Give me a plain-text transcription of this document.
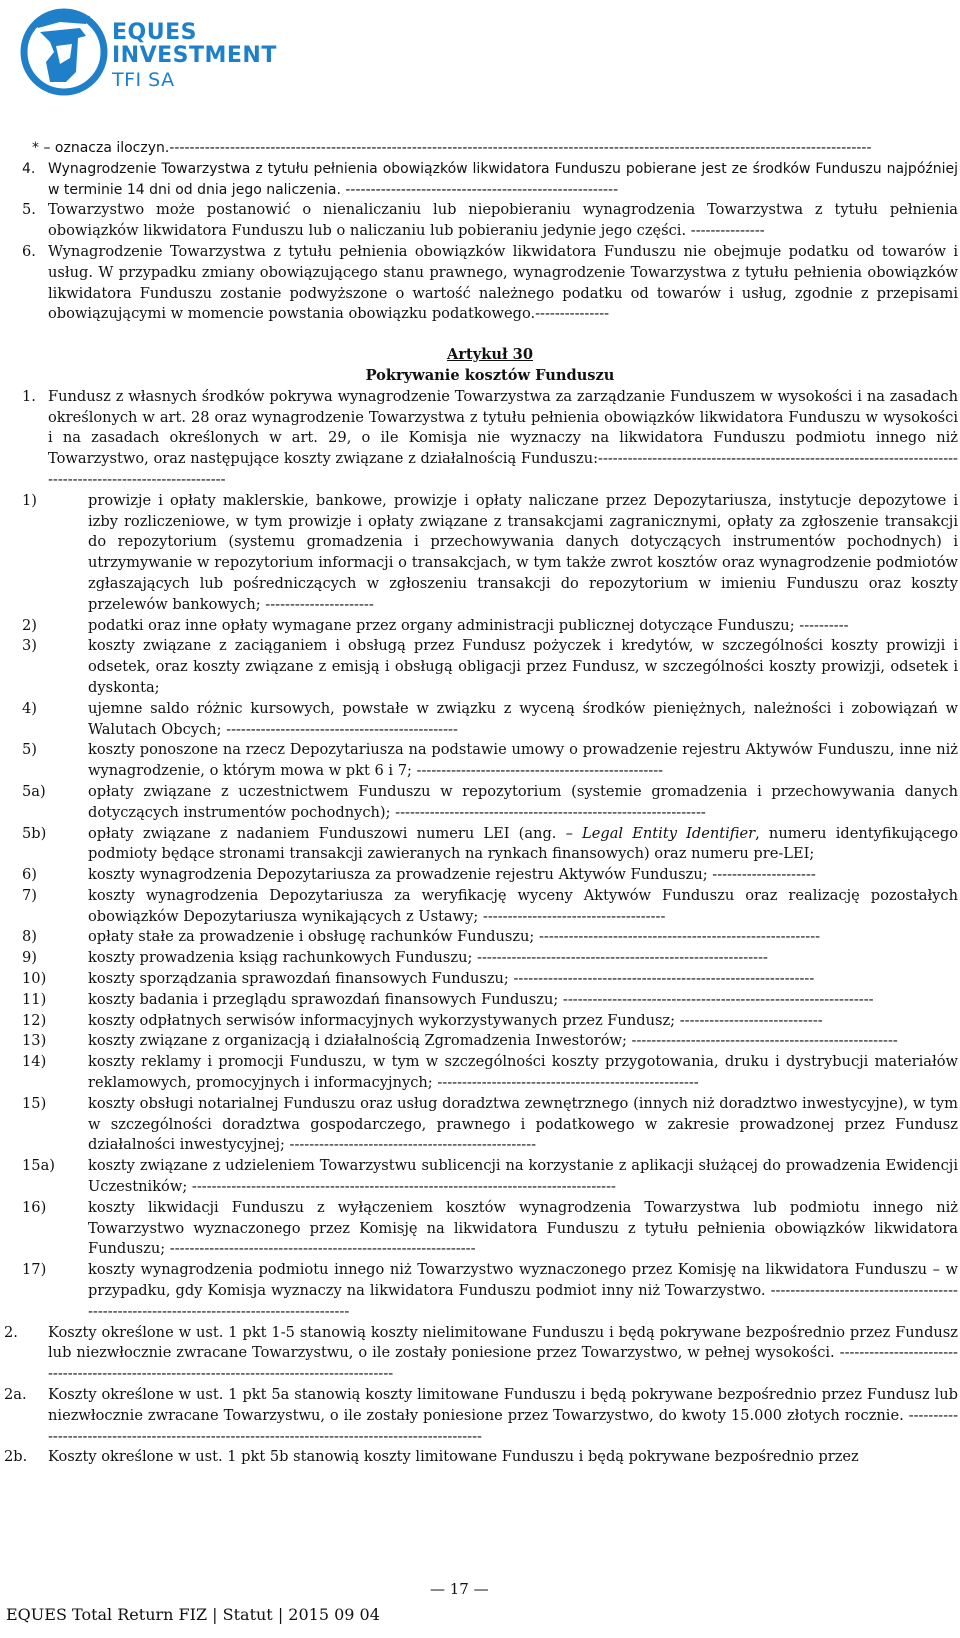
EQUES
INVESTMENT
TFI SA
* – oznacza iloczyn. -------------------------------------------------------------------------------------------------------------------------------------------
4. Wynagrodzenie Towarzystwa z tytułu pełnienia obowiązków likwidatora Funduszu pobierane jest ze środków Funduszu najpóźniej w terminie 14 dni od dnia jego naliczenia. ------------------------------------------------------
5. Towarzystwo może postanowić o nienaliczaniu lub niepobieraniu wynagrodzenia Towarzystwa z tytułu pełnienia obowiązków likwidatora Funduszu lub o naliczaniu lub pobieraniu jedynie jego części. ---------------
6. Wynagrodzenie Towarzystwa z tytułu pełnienia obowiązków likwidatora Funduszu nie obejmuje podatku od towarów i usług. W przypadku zmiany obowiązującego stanu prawnego, wynagrodzenie Towarzystwa z tytułu pełnienia obowiązków likwidatora Funduszu zostanie podwyższone o wartość należnego podatku od towarów i usług, zgodnie z przepisami obowiązującymi w momencie powstania obowiązku podatkowego.---------------
Artykuł 30
Pokrywanie kosztów Funduszu
1. Fundusz z własnych środków pokrywa wynagrodzenie Towarzystwa za zarządzanie Funduszem w wysokości i na zasadach określonych w art. 28 oraz wynagrodzenie Towarzystwa z tytułu pełnienia obowiązków likwidatora Funduszu w wysokości i na zasadach określonych w art. 29, o ile Komisja nie wyznaczy na likwidatora Funduszu podmiotu innego niż Towarzystwo, oraz następujące koszty związane z działalnością Funduszu:-------------------------------------------------------------------------------------------------------------
1)	prowizje i opłaty maklerskie, bankowe, prowizje i opłaty naliczane przez Depozytariusza, instytucje depozytowe i izby rozliczeniowe, w tym prowizje i opłaty związane z transakcjami zagranicznymi, opłaty za zgłoszenie transakcji do repozytorium (systemu gromadzenia i przechowywania danych dotyczących instrumentów pochodnych) i utrzymywanie w repozytorium informacji o transakcjach, w tym także zwrot kosztów oraz wynagrodzenie podmiotów zgłaszających lub pośredniczących w zgłoszeniu transakcji do repozytorium w imieniu Funduszu oraz koszty przelewów bankowych; ----------------------
2)	podatki oraz inne opłaty wymagane przez organy administracji publicznej dotyczące Funduszu; ----------
3)	koszty związane z zaciąganiem i obsługą przez Fundusz pożyczek i kredytów, w szczególności koszty prowizji i odsetek, oraz koszty związane z emisją i obsługą obligacji przez Fundusz, w szczególności koszty prowizji, odsetek i dyskonta;
4)	ujemne saldo różnic kursowych, powstałe w związku z wyceną środków pieniężnych, należności i zobowiązań w Walutach Obcych; -----------------------------------------------
5)	koszty ponoszone na rzecz Depozytariusza na podstawie umowy o prowadzenie rejestru Aktywów Funduszu, inne niż wynagrodzenie, o którym mowa w pkt 6 i 7; --------------------------------------------------
5a)	opłaty związane z uczestnictwem Funduszu w repozytorium (systemie gromadzenia i przechowywania danych dotyczących instrumentów pochodnych); ---------------------------------------------------------------
5b)	opłaty związane z nadaniem Funduszowi numeru LEI (ang. – Legal Entity Identifier, numeru identyfikującego podmioty będące stronami transakcji zawieranych na rynkach finansowych) oraz numeru pre-LEI;
6)	koszty wynagrodzenia Depozytariusza za prowadzenie rejestru Aktywów Funduszu; ---------------------
7)	koszty wynagrodzenia Depozytariusza za weryfikację wyceny Aktywów Funduszu oraz realizację pozostałych obowiązków Depozytariusza wynikających z Ustawy; -------------------------------------
8)	opłaty stałe za prowadzenie i obsługę rachunków Funduszu; ---------------------------------------------------------
9)	koszty prowadzenia ksiąg rachunkowych Funduszu; -----------------------------------------------------------
10)	koszty sporządzania sprawozdań finansowych Funduszu; -------------------------------------------------------------
11)	koszty badania i przeglądu sprawozdań finansowych Funduszu; ---------------------------------------------------------------
12)	koszty odpłatnych serwisów informacyjnych wykorzystywanych przez Fundusz; -----------------------------
13)	koszty związane z organizacją i działalnością Zgromadzenia Inwestorów; ------------------------------------------------------
14)	koszty reklamy i promocji Funduszu, w tym w szczególności koszty przygotowania, druku i dystrybucji materiałów reklamowych, promocyjnych i informacyjnych; -----------------------------------------------------
15)	koszty obsługi notarialnej Funduszu oraz usług doradztwa zewnętrznego (innych niż doradztwo inwestycyjne), w tym w szczególności doradztwa gospodarczego, prawnego i podatkowego w zakresie prowadzonej przez Fundusz działalności inwestycyjnej; --------------------------------------------------
15a)	koszty związane z udzieleniem Towarzystwu sublicencji na korzystanie z aplikacji służącej do prowadzenia Ewidencji Uczestników; --------------------------------------------------------------------------------------
16)	koszty likwidacji Funduszu z wyłączeniem kosztów wynagrodzenia Towarzystwa lub podmiotu innego niż Towarzystwo wyznaczonego przez Komisję na likwidatora Funduszu z tytułu pełnienia obowiązków likwidatora Funduszu; --------------------------------------------------------------
17)	koszty wynagrodzenia podmiotu innego niż Towarzystwo wyznaczonego przez Komisję na likwidatora Funduszu – w przypadku, gdy Komisja wyznaczy na likwidatora Funduszu podmiot inny niż Towarzystwo. -------------------------------------------------------------------------------------------
2.	Koszty określone w ust. 1 pkt 1-5 stanowią koszty nielimitowane Funduszu i będą pokrywane bezpośrednio przez Fundusz lub niezwłocznie zwracane Towarzystwu, o ile zostały poniesione przez Towarzystwo, w pełnej wysokości. ----------------------------------------------------------------------------------------------
2a.	Koszty określone w ust. 1 pkt 5a stanowią koszty limitowane Funduszu i będą pokrywane bezpośrednio przez Fundusz lub niezwłocznie zwracane Towarzystwu, o ile zostały poniesione przez Towarzystwo, do kwoty 15.000 złotych rocznie. --------------------------------------------------------------------------------------------------
2b.	Koszty określone w ust. 1 pkt 5b stanowią koszty limitowane Funduszu i będą pokrywane bezpośrednio przez
— 17 —
EQUES Total Return FIZ | Statut | 2015 09 04
